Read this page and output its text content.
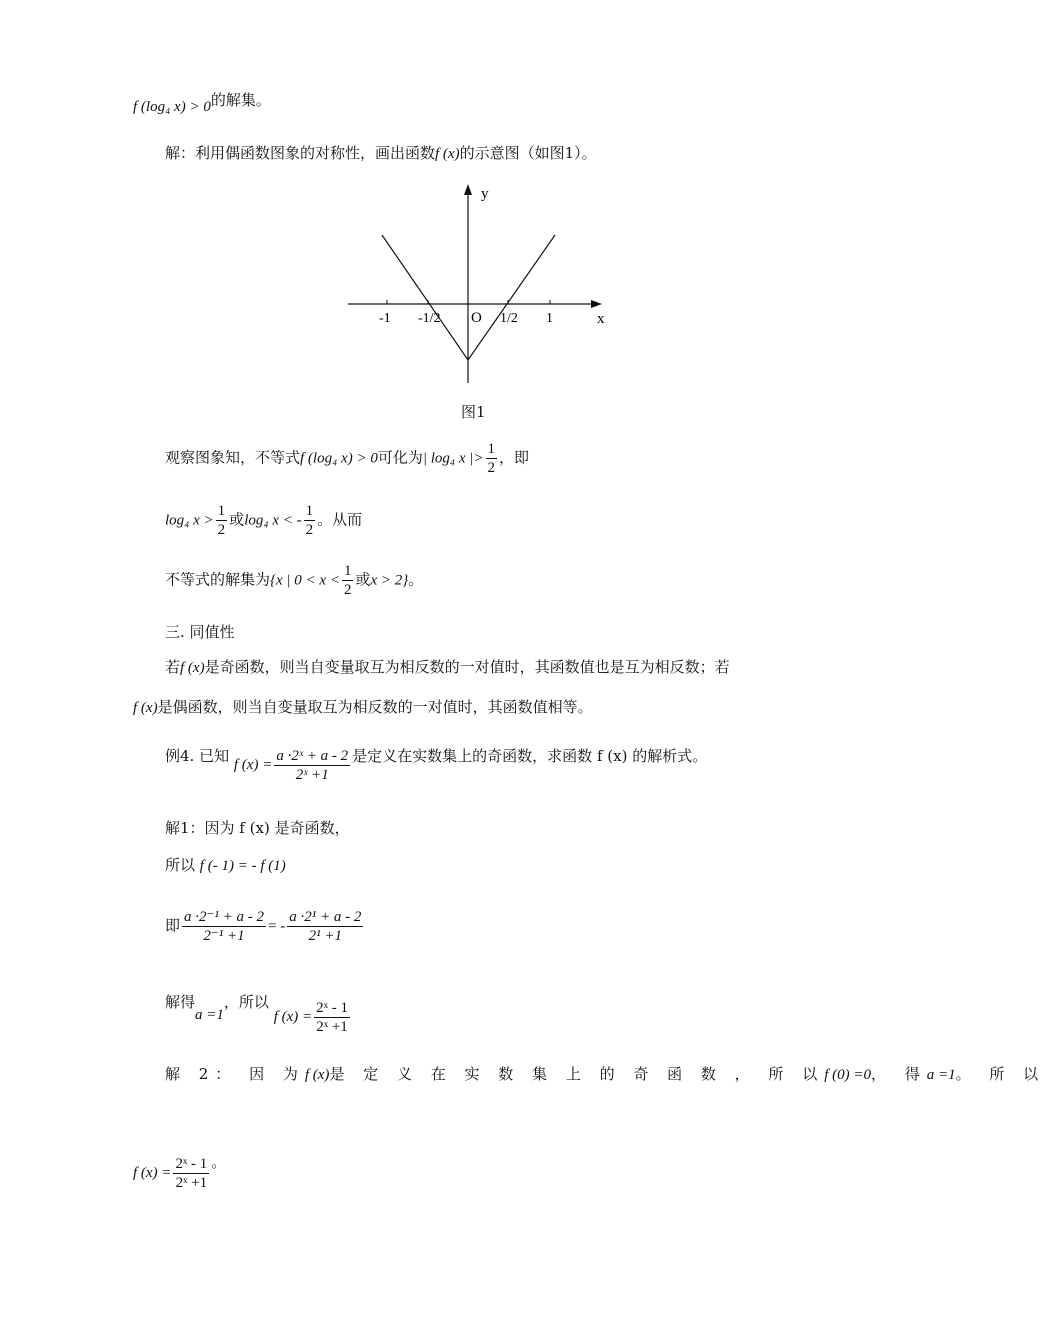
f (log₄ x) > 0的解集。
解：利用偶函数图象的对称性，画出函数f (x)的示意图（如图1）。
y
x
O
-1 -1/2	1/2 1
图1
观察图象知，不等式f (log₄ x) > 0可化为| log₄ x |> $\frac{1}{2}$ ，即
log₄ $x > \frac{1}{2}$ 或log₄ x < - $\frac{1}{2}$ 。从而
不等式的解集为{x | $0 < x < \frac{1}{2}$ 或x > 2}。
三. 同值性
若f (x)是奇函数，则当自变量取互为相反数的一对值时，其函数值也是互为相反数；若
f (x)是偶函数，则当自变量取互为相反数的一对值时，其函数值相等。
例4. 已知 f $(x) = \frac{\text{a ·2ˣ + a - 2}}{\text{2ˣ +1}}$ 是定义在实数集上的奇函数，求函数 f (x) 的解析式。
解1：因为 f (x) 是奇函数，
所以 f (- 1) = - f (1)
即 $\frac{\text{a ·2⁻¹ + a - 2}}{\text{2⁻¹ +1}}$ = - $\frac{\text{a ·2¹ + a - 2}}{\text{2¹ +1}}$
解得a =1，所以 f $(x) = \frac{\text{2ˣ - 1}}{\text{2ˣ +1}}$
解 2： 因 为f (x)是 定 义 在 实 数 集 上 的 奇 函 数 ， 所 以f (0) =0， 得a =1。 所 以
f $(x) = \frac{\text{2ˣ - 1}}{\text{2ˣ +1}}$ 。
